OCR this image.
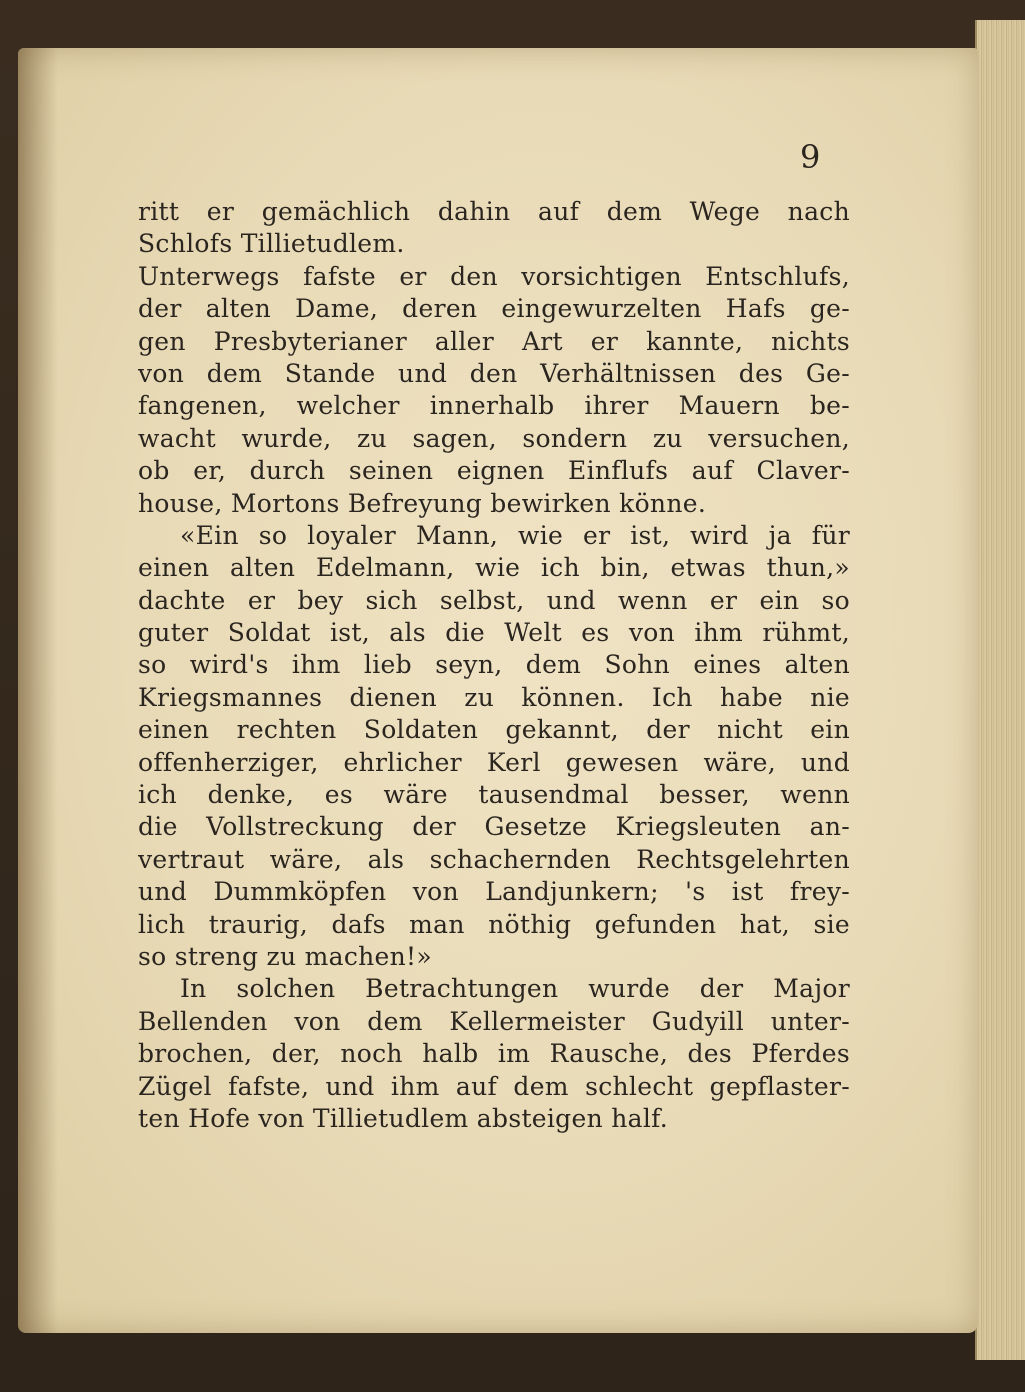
9
ritt er gemächlich dahin auf dem Wege nach
Schlofs Tillietudlem.
Unterwegs fafste er den vorsichtigen Entschlufs,
der alten Dame, deren eingewurzelten Hafs ge-
gen Presbyterianer aller Art er kannte, nichts
von dem Stande und den Verhältnissen des Ge-
fangenen, welcher innerhalb ihrer Mauern be-
wacht wurde, zu sagen, sondern zu versuchen,
ob er, durch seinen eignen Einflufs auf Claver-
house, Mortons Befreyung bewirken könne.
«Ein so loyaler Mann, wie er ist, wird ja für
einen alten Edelmann, wie ich bin, etwas thun,»
dachte er bey sich selbst, und wenn er ein so
guter Soldat ist, als die Welt es von ihm rühmt,
so wird's ihm lieb seyn, dem Sohn eines alten
Kriegsmannes dienen zu können. Ich habe nie
einen rechten Soldaten gekannt, der nicht ein
offenherziger, ehrlicher Kerl gewesen wäre, und
ich denke, es wäre tausendmal besser, wenn
die Vollstreckung der Gesetze Kriegsleuten an-
vertraut wäre, als schachernden Rechtsgelehrten
und Dummköpfen von Landjunkern; 's ist frey-
lich traurig, dafs man nöthig gefunden hat, sie
so streng zu machen!»
In solchen Betrachtungen wurde der Major
Bellenden von dem Kellermeister Gudyill unter-
brochen, der, noch halb im Rausche, des Pferdes
Zügel fafste, und ihm auf dem schlecht gepflaster-
ten Hofe von Tillietudlem absteigen half.
